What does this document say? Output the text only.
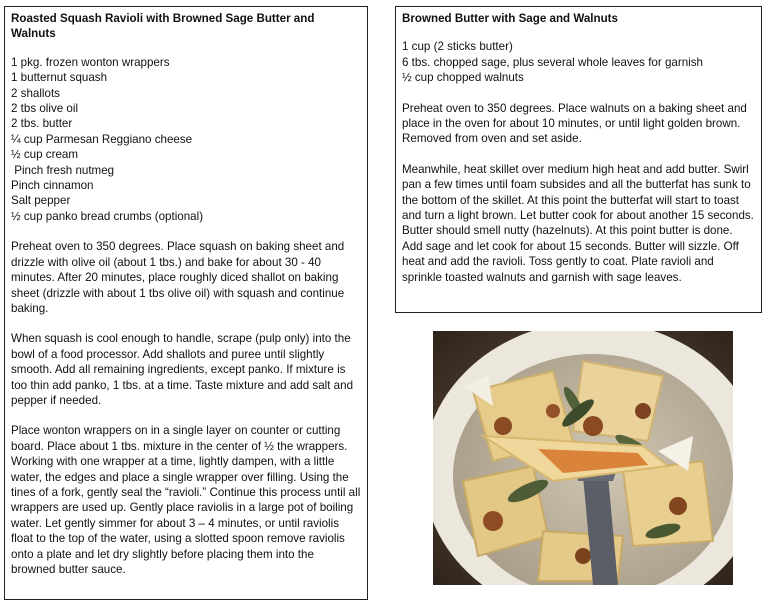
Roasted Squash Ravioli with Browned Sage Butter and Walnuts

1 pkg. frozen wonton wrappers
1 butternut squash
2 shallots
2 tbs olive oil
2 tbs. butter
¼ cup Parmesan Reggiano cheese
½ cup cream
Pinch fresh nutmeg
Pinch cinnamon
Salt pepper
½ cup panko bread crumbs (optional)

Preheat oven to 350 degrees. Place squash on baking sheet and drizzle with olive oil (about 1 tbs.) and bake for about 30 - 40 minutes. After 20 minutes, place roughly diced shallot on baking sheet (drizzle with about 1 tbs olive oil) with squash and continue baking.

When squash is cool enough to handle, scrape (pulp only) into the bowl of a food processor. Add shallots and puree until slightly smooth. Add all remaining ingredients, except panko. If mixture is too thin add panko, 1 tbs. at a time. Taste mixture and add salt and pepper if needed.

Place wonton wrappers on in a single layer on counter or cutting board. Place about 1 tbs. mixture in the center of ½ the wrappers. Working with one wrapper at a time, lightly dampen, with a little water, the edges and place a single wrapper over filling. Using the tines of a fork, gently seal the “ravioli.” Continue this process until all wrappers are used up. Gently place raviolis in a large pot of boiling water. Let gently simmer for about 3 – 4 minutes, or until raviolis float to the top of the water, using a slotted spoon remove raviolis onto a plate and let dry slightly before placing them into the browned butter sauce.

Browned Butter with Sage and Walnuts

1 cup (2 sticks butter)
6 tbs. chopped sage, plus several whole leaves for garnish
½ cup chopped walnuts

Preheat oven to 350 degrees. Place walnuts on a baking sheet and place in the oven for about 10 minutes, or until light golden brown. Removed from oven and set aside.

Meanwhile, heat skillet over medium high heat and add butter. Swirl pan a few times until foam subsides and all the butterfat has sunk to the bottom of the skillet. At this point the butterfat will start to toast and turn a light brown. Let butter cook for about another 15 seconds. Butter should smell nutty (hazelnuts). At this point butter is done. Add sage and let cook for about 15 seconds. Butter will sizzle. Off heat and add the ravioli. Toss gently to coat. Plate ravioli and sprinkle toasted walnuts and garnish with sage leaves.
